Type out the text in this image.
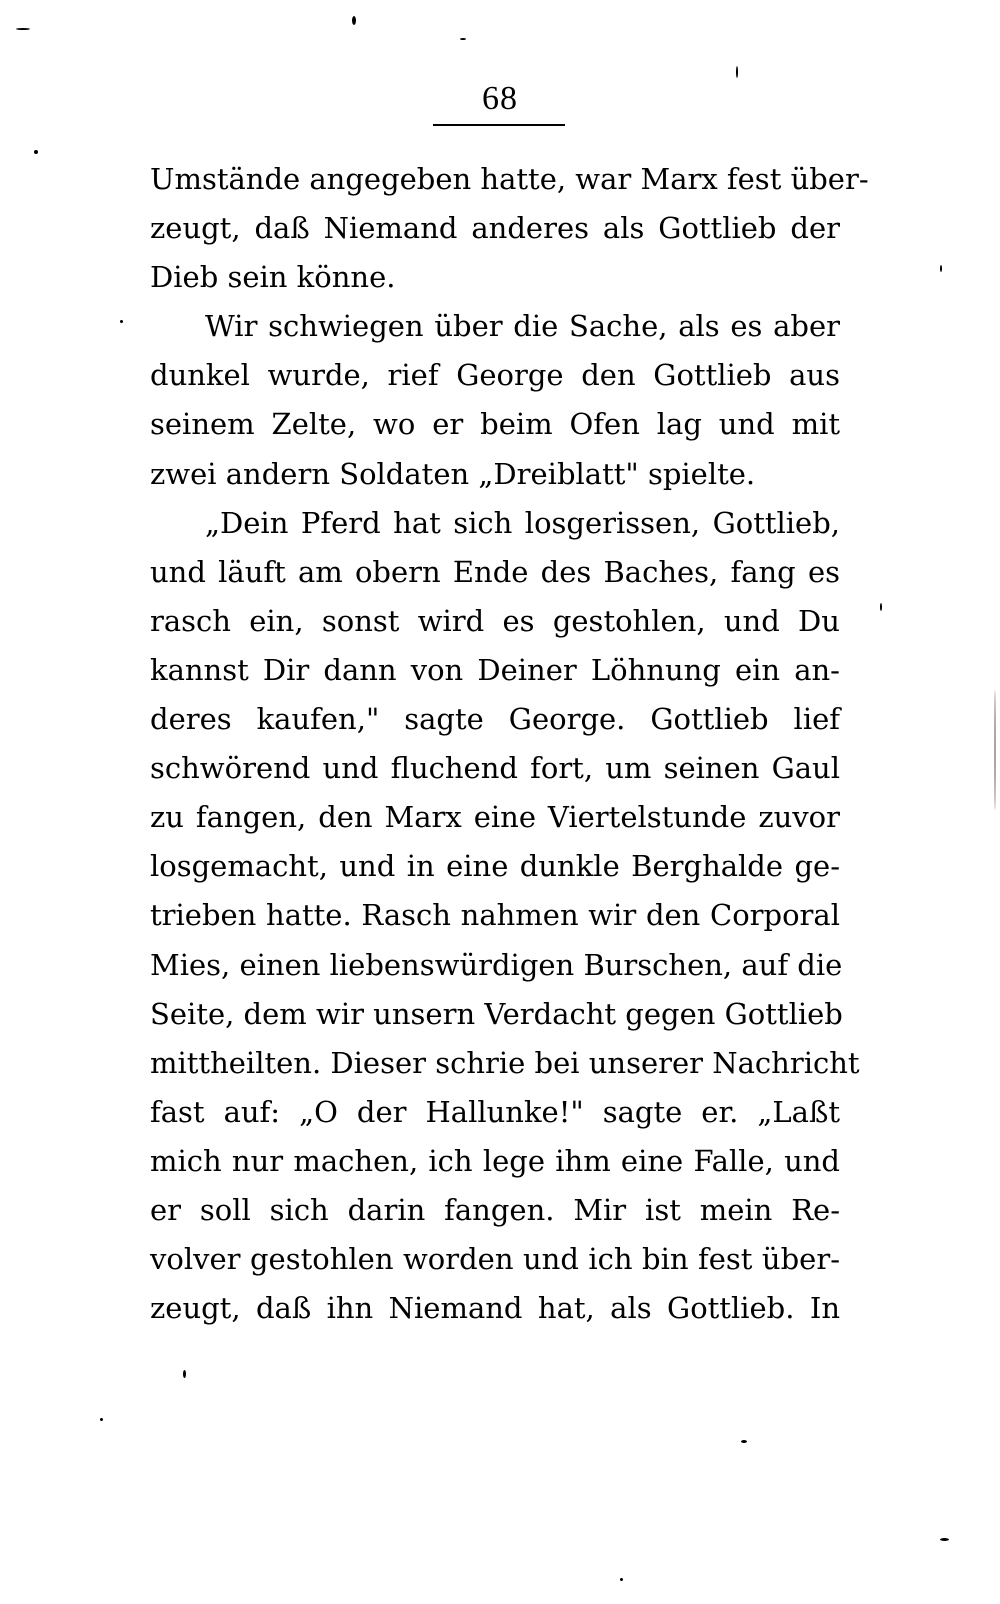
68
Umstände angegeben hatte, war Marx fest über-
zeugt, daß Niemand anderes als Gottlieb der
Dieb sein könne.
Wir schwiegen über die Sache, als es aber
dunkel wurde, rief George den Gottlieb aus
seinem Zelte, wo er beim Ofen lag und mit
zwei andern Soldaten „Dreiblatt" spielte.
„Dein Pferd hat sich losgerissen, Gottlieb,
und läuft am obern Ende des Baches, fang es
rasch ein, sonst wird es gestohlen, und Du
kannst Dir dann von Deiner Löhnung ein an-
deres kaufen," sagte George. Gottlieb lief
schwörend und fluchend fort, um seinen Gaul
zu fangen, den Marx eine Viertelstunde zuvor
losgemacht, und in eine dunkle Berghalde ge-
trieben hatte. Rasch nahmen wir den Corporal
Mies, einen liebenswürdigen Burschen, auf die
Seite, dem wir unsern Verdacht gegen Gottlieb
mittheilten. Dieser schrie bei unserer Nachricht
fast auf: „O der Hallunke!" sagte er. „Laßt
mich nur machen, ich lege ihm eine Falle, und
er soll sich darin fangen. Mir ist mein Re-
volver gestohlen worden und ich bin fest über-
zeugt, daß ihn Niemand hat, als Gottlieb. In
